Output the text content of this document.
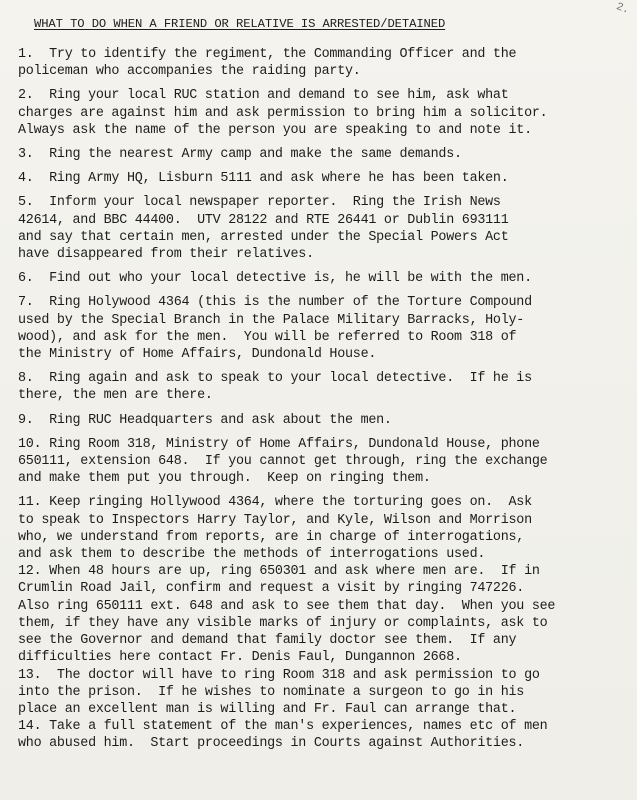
2.
WHAT TO DO WHEN A FRIEND OR RELATIVE IS ARRESTED/DETAINED

1.  Try to identify the regiment, the Commanding Officer and the
policeman who accompanies the raiding party.

2.  Ring your local RUC station and demand to see him, ask what
charges are against him and ask permission to bring him a solicitor.
Always ask the name of the person you are speaking to and note it.

3.  Ring the nearest Army camp and make the same demands.

4.  Ring Army HQ, Lisburn 5111 and ask where he has been taken.

5.  Inform your local newspaper reporter.  Ring the Irish News
42614, and BBC 44400.  UTV 28122 and RTE 26441 or Dublin 693111
and say that certain men, arrested under the Special Powers Act
have disappeared from their relatives.

6.  Find out who your local detective is, he will be with the men.

7.  Ring Holywood 4364 (this is the number of the Torture Compound
used by the Special Branch in the Palace Military Barracks, Holy-
wood), and ask for the men.  You will be referred to Room 318 of
the Ministry of Home Affairs, Dundonald House.

8.  Ring again and ask to speak to your local detective.  If he is
there, the men are there.

9.  Ring RUC Headquarters and ask about the men.

10. Ring Room 318, Ministry of Home Affairs, Dundonald House, phone
650111, extension 648.  If you cannot get through, ring the exchange
and make them put you through.  Keep on ringing them.

11. Keep ringing Hollywood 4364, where the torturing goes on.  Ask
to speak to Inspectors Harry Taylor, and Kyle, Wilson and Morrison
who, we understand from reports, are in charge of interrogations,
and ask them to describe the methods of interrogations used.

12. When 48 hours are up, ring 650301 and ask where men are.  If in
Crumlin Road Jail, confirm and request a visit by ringing 747226.
Also ring 650111 ext. 648 and ask to see them that day.  When you see
them, if they have any visible marks of injury or complaints, ask to
see the Governor and demand that family doctor see them.  If any
difficulties here contact Fr. Denis Faul, Dungannon 2668.

13.  The doctor will have to ring Room 318 and ask permission to go
into the prison.  If he wishes to nominate a surgeon to go in his
place an excellent man is willing and Fr. Faul can arrange that.

14. Take a full statement of the man's experiences, names etc of men
who abused him.  Start proceedings in Courts against Authorities.
